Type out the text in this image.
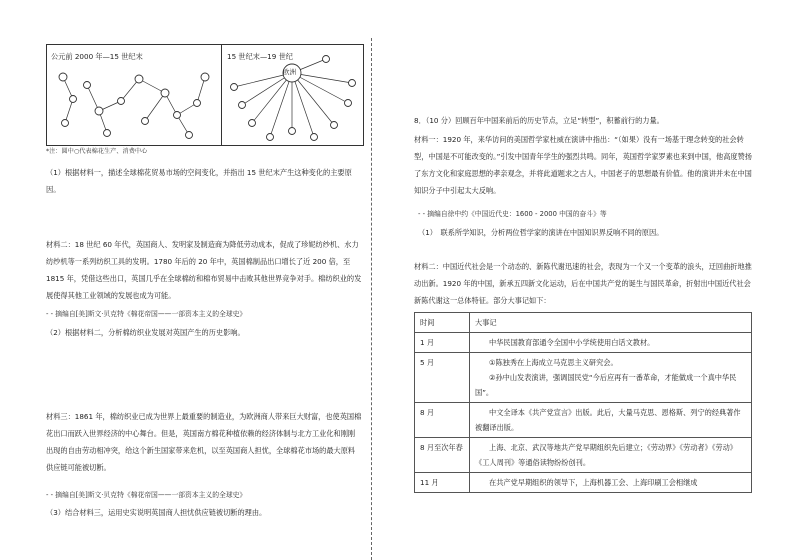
公元前 2000 年—15 世纪末	15 世纪末—19 世纪
欧洲
*注：圆中○代表棉花生产、消费中心
（1）根据材料一，描述全球棉花贸易市场的空间变化，并指出 15 世纪末产生这种变化的主要原因。
材料二：18 世纪 60 年代，英国商人、发明家及制造商为降低劳动成本，促成了珍妮纺纱机、水力纺纱机等一系列纺织工具的发明。1780 年后的 20 年中，英国棉制品出口增长了近 200 倍，至 1815 年，凭借这些出口，英国几乎在全球棉纺和棉布贸易中击败其他世界竞争对手。棉纺织业的发展使得其他工业领域的发展也成为可能。
- - 摘编自[美]斯文·贝克特《棉花帝国——一部资本主义的全球史》
（2）根据材料二，分析棉纺织业发展对英国产生的历史影响。
材料三：1861 年，棉纺织业已成为世界上最重要的制造业，为欧洲商人带来巨大财富，也使英国棉花出口而跃入世界经济的中心舞台。但是，英国南方棉花种植依赖的经济体制与北方工业化和刚刚出现的自由劳动相冲突，给这个新生国家带来危机，以至英国商人担忧，全球棉花市场的最大原料供应链可能被切断。
- - 摘编自[美]斯文·贝克特《棉花帝国——一部资本主义的全球史》
（3）结合材料三，运用史实说明英国商人担忧供应链被切断的理由。
8．（10 分）回顾百年中国来前后的历史节点，立足“转型”，积蓄前行的力量。
材料一：1920 年，来华访问的美国哲学家杜威在演讲中指出：“（如果）没有一场基于理念转变的社会转型，中国是不可能改变的。”引发中国青年学生的强烈共鸣。同年，英国哲学家罗素也来到中国，他高度赞扬了东方文化和家庭思想的孝亲观念，并将此道题求之古人，中国老子的思想最有价值。他的演讲并未在中国知识分子中引起太大反响。
- - 摘编自徐中约《中国近代史：1600 - 2000 中国的奋斗》等
（1）　联系所学知识，分析两位哲学家的演讲在中国知识界反响不同的原因。
材料二：中国近代社会是一个动态的、新陈代谢迅速的社会，表现为一个又一个变革的浪头，迂回曲折地推动出新。1920 年的中国，新承五四新文化运动，后在中国共产党的诞生与国民革命，折射出中国近代社会新陈代谢这一总体特征。部分大事记如下：
时间	大事记
1 月	中华民国教育部通令全国中小学统使用白话文教材。

5 月	①陈独秀在上海成立马克思主义研究会。
②孙中山发表演讲，强调国民党“今后应再有一番革命，才能做成一个真中华民国”。

8 月	中文全译本《共产党宣言》出版。此后，大量马克思、恩格斯、列宁的经典著作被翻译出版。

8 月至次年春	上海、北京、武汉等地共产党早期组织先后建立；《劳动界》《劳动者》《劳动》《工人周刊》等通俗读物纷纷创刊。

11 月	在共产党早期组织的领导下，上海机器工会、上海印刷工会相继成
